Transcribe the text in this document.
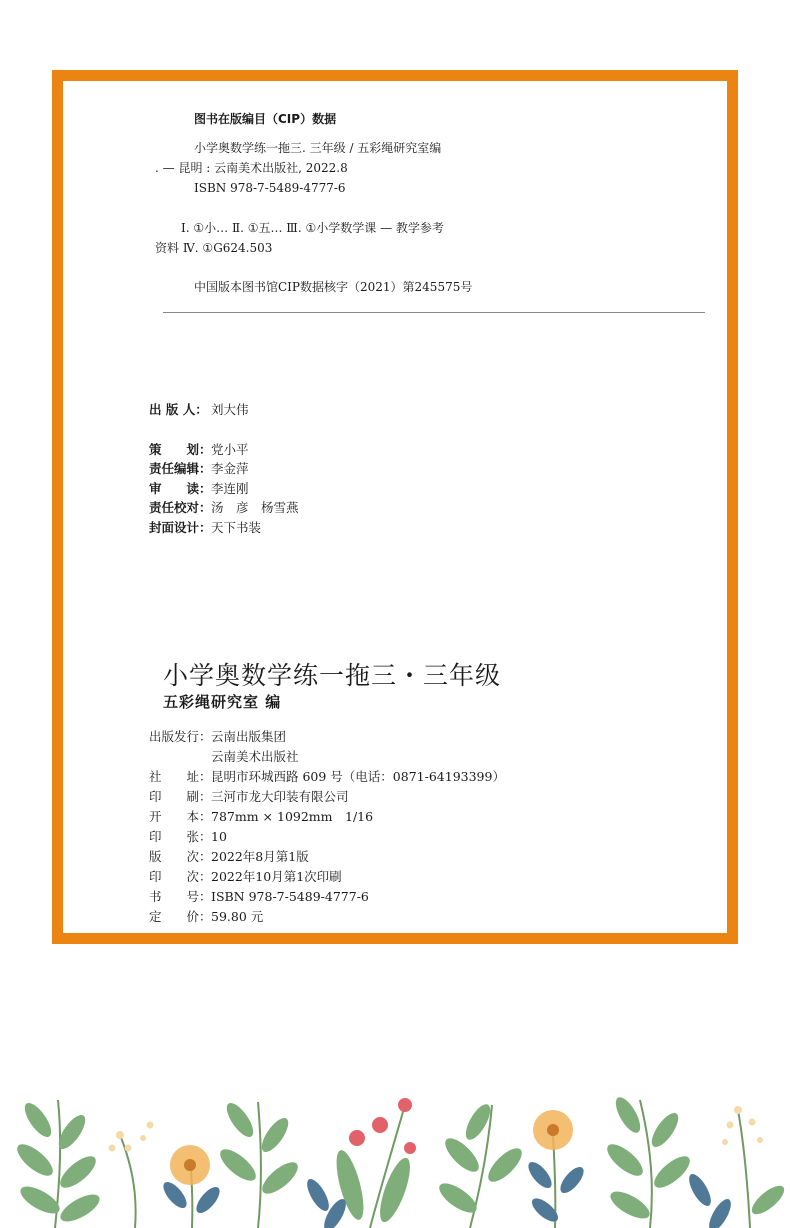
图书在版编目（CIP）数据
小学奥数学练一拖三. 三年级 / 五彩绳研究室编
. — 昆明 : 云南美术出版社, 2022.8
ISBN 978-7-5489-4777-6
Ⅰ. ①小… Ⅱ. ①五… Ⅲ. ①小学数学课 — 教学参考
资料 Ⅳ. ①G624.503
中国版本图书馆CIP数据核字（2021）第245575号
出 版 人： 刘大伟
策　　划：党小平
责任编辑：李金萍
审　　读：李连刚
责任校对：汤　彦　杨雪燕
封面设计：天下书装
小学奥数学练一拖三・三年级
五彩绳研究室 编
出版发行：云南出版集团
云南美术出版社
社　　址：昆明市环城西路 609 号（电话：0871-64193399）
印　　刷：三河市龙大印装有限公司
开　　本：787mm × 1092mm　1/16
印　　张：10
版　　次：2022年8月第1版
印　　次：2022年10月第1次印刷
书　　号：ISBN 978-7-5489-4777-6
定　　价：59.80 元
